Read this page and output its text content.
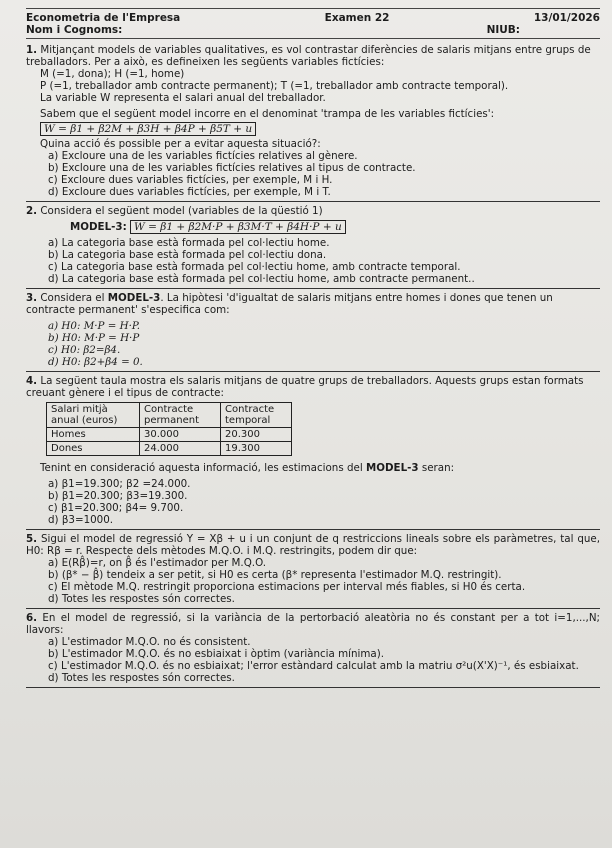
Econometria de l'Empresa	Examen 22	13/01/2026
Nom i Cognoms:	NIUB:

1. Mitjançant models de variables qualitatives, es vol contrastar diferències de salaris mitjans entre grups de treballadors. Per a això, es defineixen les següents variables fictícies:

M (=1, dona); H (=1, home)

P (=1, treballador amb contracte permanent); T (=1, treballador amb contracte temporal).

La variable W representa el salari anual del treballador.

Sabem que el següent model incorre en el denominat 'trampa de les variables fictícies':

W = β1 + β2M + β3H + β4P + β5T + u

Quina acció és possible per a evitar aquesta situació?:

a) Excloure una de les variables fictícies relatives al gènere.

b) Excloure una de les variables fictícies relatives al tipus de contracte.

c) Excloure dues variables fictícies, per exemple, M i H.

d) Excloure dues variables fictícies, per exemple, M i T.

2. Considera el següent model (variables de la qüestió 1)

MODEL-3: W = β1 + β2M·P + β3M·T + β4H·P + u

a) La categoria base està formada pel col·lectiu home.

b) La categoria base està formada pel col·lectiu dona.

c) La categoria base està formada pel col·lectiu home, amb contracte temporal.

d) La categoria base està formada pel col·lectiu home, amb contracte permanent..

3. Considera el MODEL-3. La hipòtesi 'd'igualtat de salaris mitjans entre homes i dones que tenen un contracte permanent' s'especifica com:

a) H0: M·P = H·P.

b) H0: M·P = H·P

c) H0: β2=β4.

d) H0: β2+β4 = 0.

4. La següent taula mostra els salaris mitjans de quatre grups de treballadors. Aquests grups estan formats creuant gènere i el tipus de contracte:

Salari mitjà anual (euros)	Contracte permanent	Contracte temporal
Homes	30.000	20.300
Dones	24.000	19.300

Tenint en consideració aquesta informació, les estimacions del MODEL-3 seran:

a) β1=19.300; β2 =24.000.

b) β1=20.300; β3=19.300.

c) β1=20.300; β4= 9.700.

d) β3=1000.

5. Sigui el model de regressió Y = Xβ + u i un conjunt de q restriccions lineals sobre els paràmetres, tal que, H0: Rβ = r. Respecte dels mètodes M.Q.O. i M.Q. restringits, podem dir que:

a) E(Rβ̂)=r, on β̂ és l'estimador per M.Q.O.

b) (β* − β̂) tendeix a ser petit, si H0 es certa (β* representa l'estimador M.Q. restringit).

c) El mètode M.Q. restringit proporciona estimacions per interval més fiables, si H0 és certa.

d) Totes les respostes són correctes.

6. En el model de regressió, si la variància de la pertorbació aleatòria no és constant per a tot i=1,...,N; llavors:

a) L'estimador M.Q.O. no és consistent.

b) L'estimador M.Q.O. és no esbiaixat i òptim (variància mínima).

c) L'estimador M.Q.O. és no esbiaixat; l'error estàndard calculat amb la matriu σ²u(X'X)⁻¹, és esbiaixat.

d) Totes les respostes són correctes.
